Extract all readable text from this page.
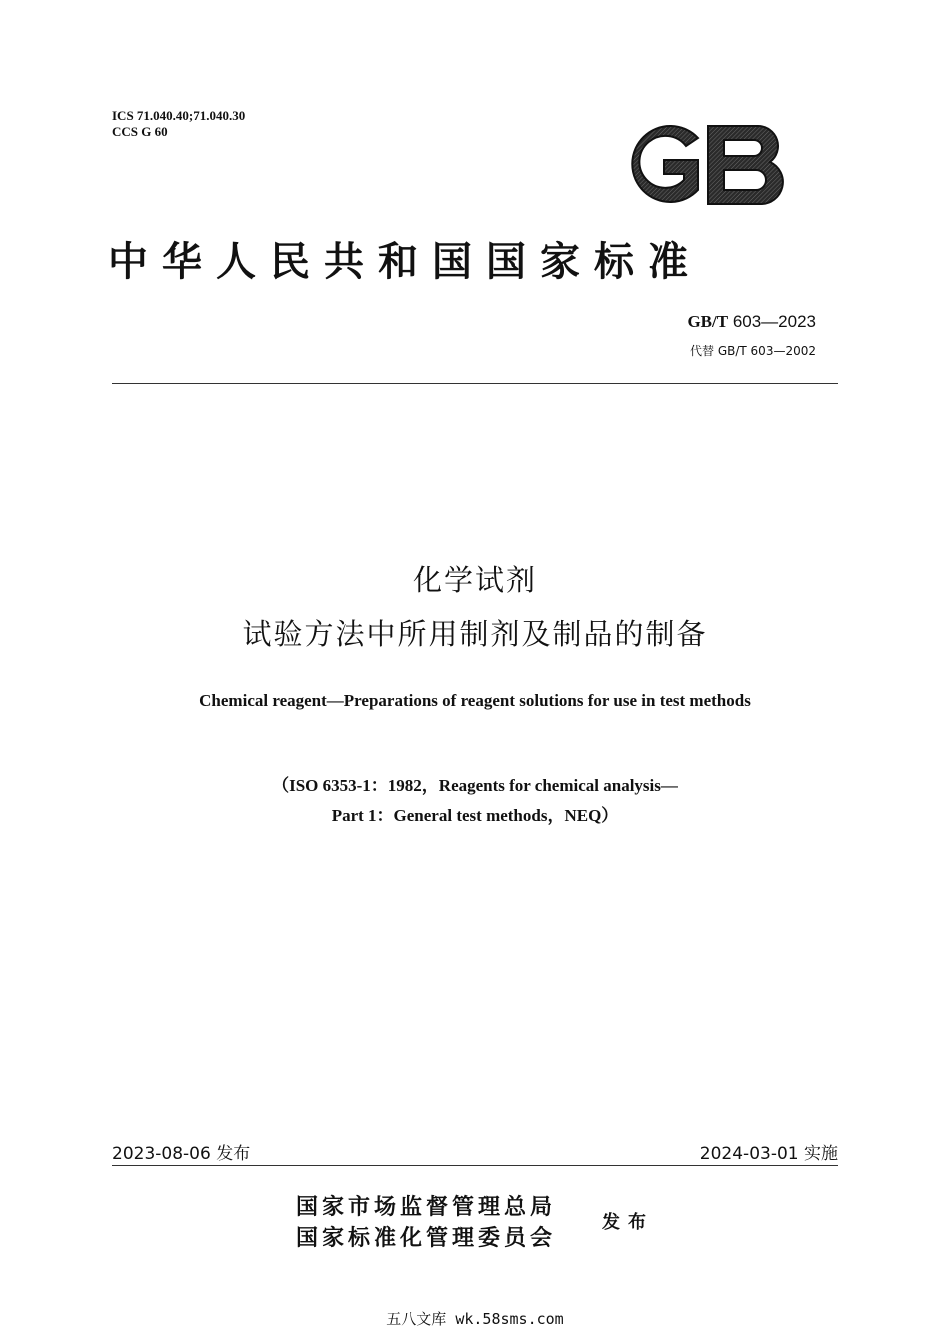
ICS 71.040.40;71.040.30
CCS G 60
中华人民共和国国家标准
GB/T 603—2023
代替 GB/T 603—2002
化学试剂
试验方法中所用制剂及制品的制备
Chemical reagent—Preparations of reagent solutions for use in test methods
（ISO 6353-1：1982，Reagents for chemical analysis—
Part 1：General test methods，NEQ）
2023-08-06 发布	2024-03-01 实施
国家市场监督管理总局
国家标准化管理委员会
发布
五八文库 wk.58sms.com
